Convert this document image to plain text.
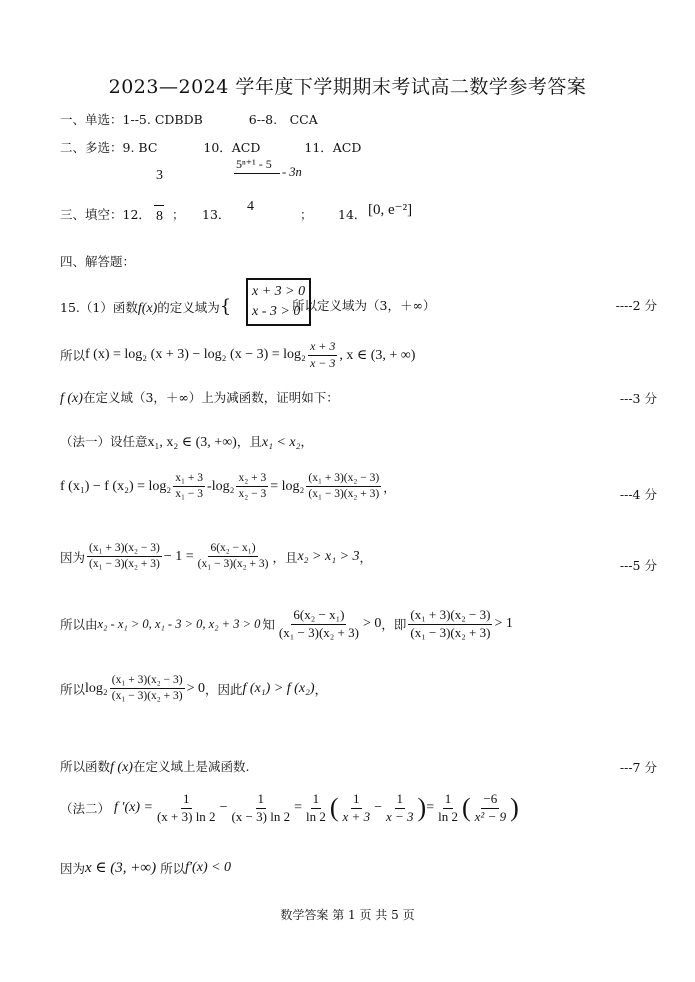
2023—2024 学年度下学期期末考试高二数学参考答案
一、单选：1--5. CDBDB	6--8.　CCA
二、多选：9. BC	10．ACD	11．ACD
3
8
5ⁿ⁺¹ - 5
- 3n
4
三、填空：12． ； 13．	； 14． [0, e⁻²]
四、解答题：
15.（1）函数f(x)的定义域为{
x + 3 > 0
x - 3 > 0
所以定义域为（3，＋∞）	----2 分
所以 f (x) = log₂ (x + 3) − log₂ $(x - 3) = \log_2 \frac{x + 3}{x - 3}$ , x ∈ (3, + ∞)
f (x)在定义域（3，＋∞）上为减函数，证明如下：	---3 分
（法一）设任意x₁, x₂ ∈ (3, +∞)，且x₁ < x₂，
f (x₁) − f $(x_2) = \log_2 \frac{\text{x₁ + 3}}{\text{x₁ − 3}} -\log_2 \frac{\text{x₂ + 3}}{\text{x₂ − 3}} = \log_2 \frac{\text{(x₁ + 3)(x₂ − 3)}}{\text{(x₁ − 3)(x₂ + 3)}}$ ，	---4 分
因为 $\frac{\text{(x₁ + 3)(x₂ − 3)}}{\text{(x₁ − 3)(x₂ + 3)}} - 1 = \frac{\text{6(x₂ − x₁)}}{\text{(x₁ − 3)(x₂ + 3)}}$ ，且 x₂ > x₁ > 3 ，
---5 分
所以由 x₂ - x₁ > 0, x₁ - 3 > 0, x₂ + 3 > 0 知 $\frac{\text{6(x₂ − x₁)}}{\text{(x₁ − 3)(x₂ + 3)}} > 0$ ，即 $\frac{\text{(x₁ + 3)(x₂ − 3)}}{\text{(x₁ − 3)(x₂ + 3)}} > 1$
所以 $\log_2 \frac{\text{(x₁ + 3)(x₂ − 3)}}{\text{(x₁ − 3)(x₂ + 3)}} > 0$ ，因此 f (x₁) > f (x₂) ，
所以函数f (x)在定义域上是减函数.	---7 分
（法二） f $'(x) = \frac{1}{(x + 3) \ln 2} - \frac{1}{(x - 3) \ln 2} = \frac{1}{\ln 2}$ ( $\frac{1}{x + 3} - \frac{1}{x - 3}$ ) = $\frac{1}{\ln 2}$ ( $\frac{-6}{\text{x² − 9}}$ )
因为 x ∈ (3, +∞) 所以 f′(x) < 0
数学答案 第 1 页 共 5 页
